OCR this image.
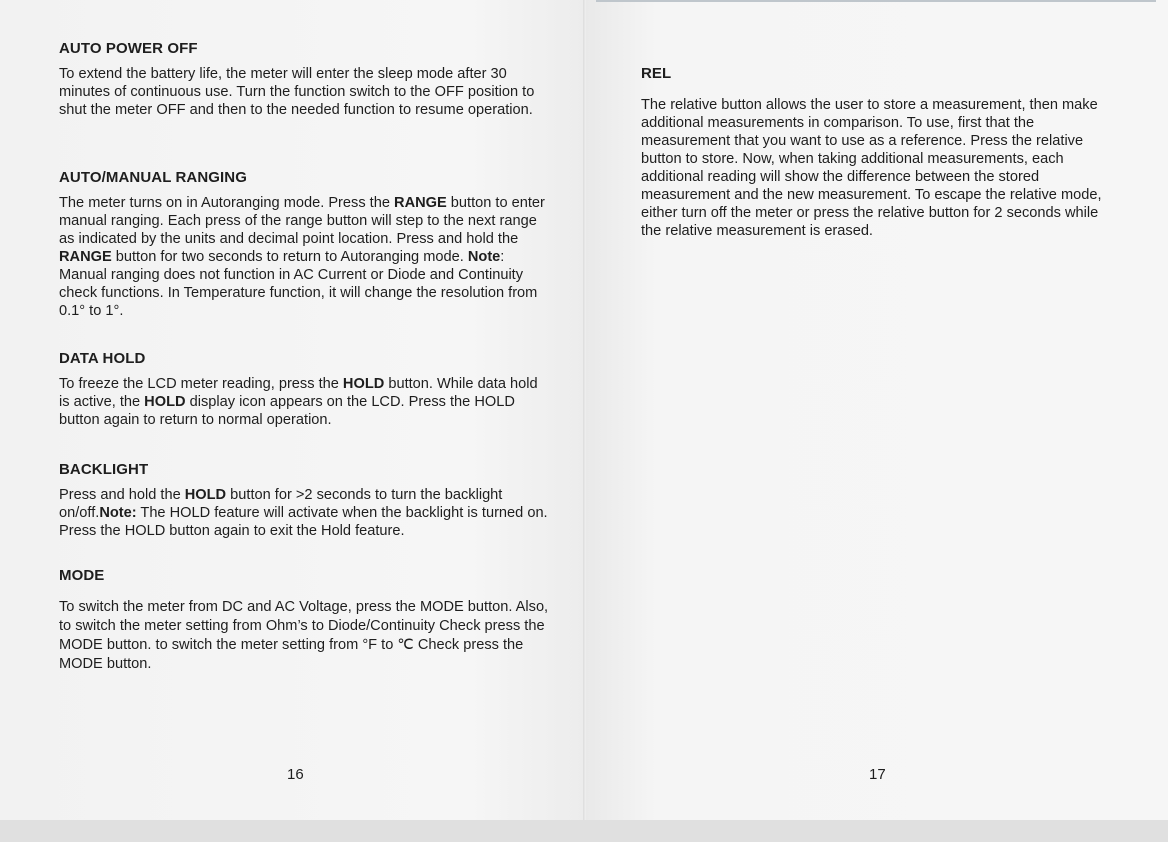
AUTO POWER OFF

To extend the battery life, the meter will enter the sleep mode after 30 minutes of continuous use. Turn the function switch to the OFF position to shut the meter OFF and then to the needed function to resume operation.

AUTO/MANUAL RANGING

The meter turns on in Autoranging mode. Press the RANGE button to enter manual ranging. Each press of the range button will step to the next range as indicated by the units and decimal point location. Press and hold the RANGE button for two seconds to return to Autoranging mode. Note: Manual ranging does not function in AC Current or Diode and Continuity check functions. In Temperature function, it will change the resolution from 0.1° to 1°.

DATA HOLD

To freeze the LCD meter reading, press the HOLD button. While data hold is active, the HOLD display icon appears on the LCD. Press the HOLD button again to return to normal operation.

BACKLIGHT

Press and hold the HOLD button for >2 seconds to turn the backlight on/off.Note: The HOLD feature will activate when the backlight is turned on. Press the HOLD button again to exit the Hold feature.

MODE

To switch the meter from DC and AC Voltage, press the MODE button. Also, to switch the meter setting from Ohm’s to Diode/Continuity Check press the MODE button. to switch the meter setting from °F to ℃ Check press the MODE button.

16
REL

The relative button allows the user to store a measurement, then make additional measurements in comparison. To use, first that the measurement that you want to use as a reference. Press the relative button to store. Now, when taking additional measurements, each additional reading will show the difference between the stored measurement and the new measurement. To escape the relative mode, either turn off the meter or press the relative button for 2 seconds while the relative measurement is erased.

17
